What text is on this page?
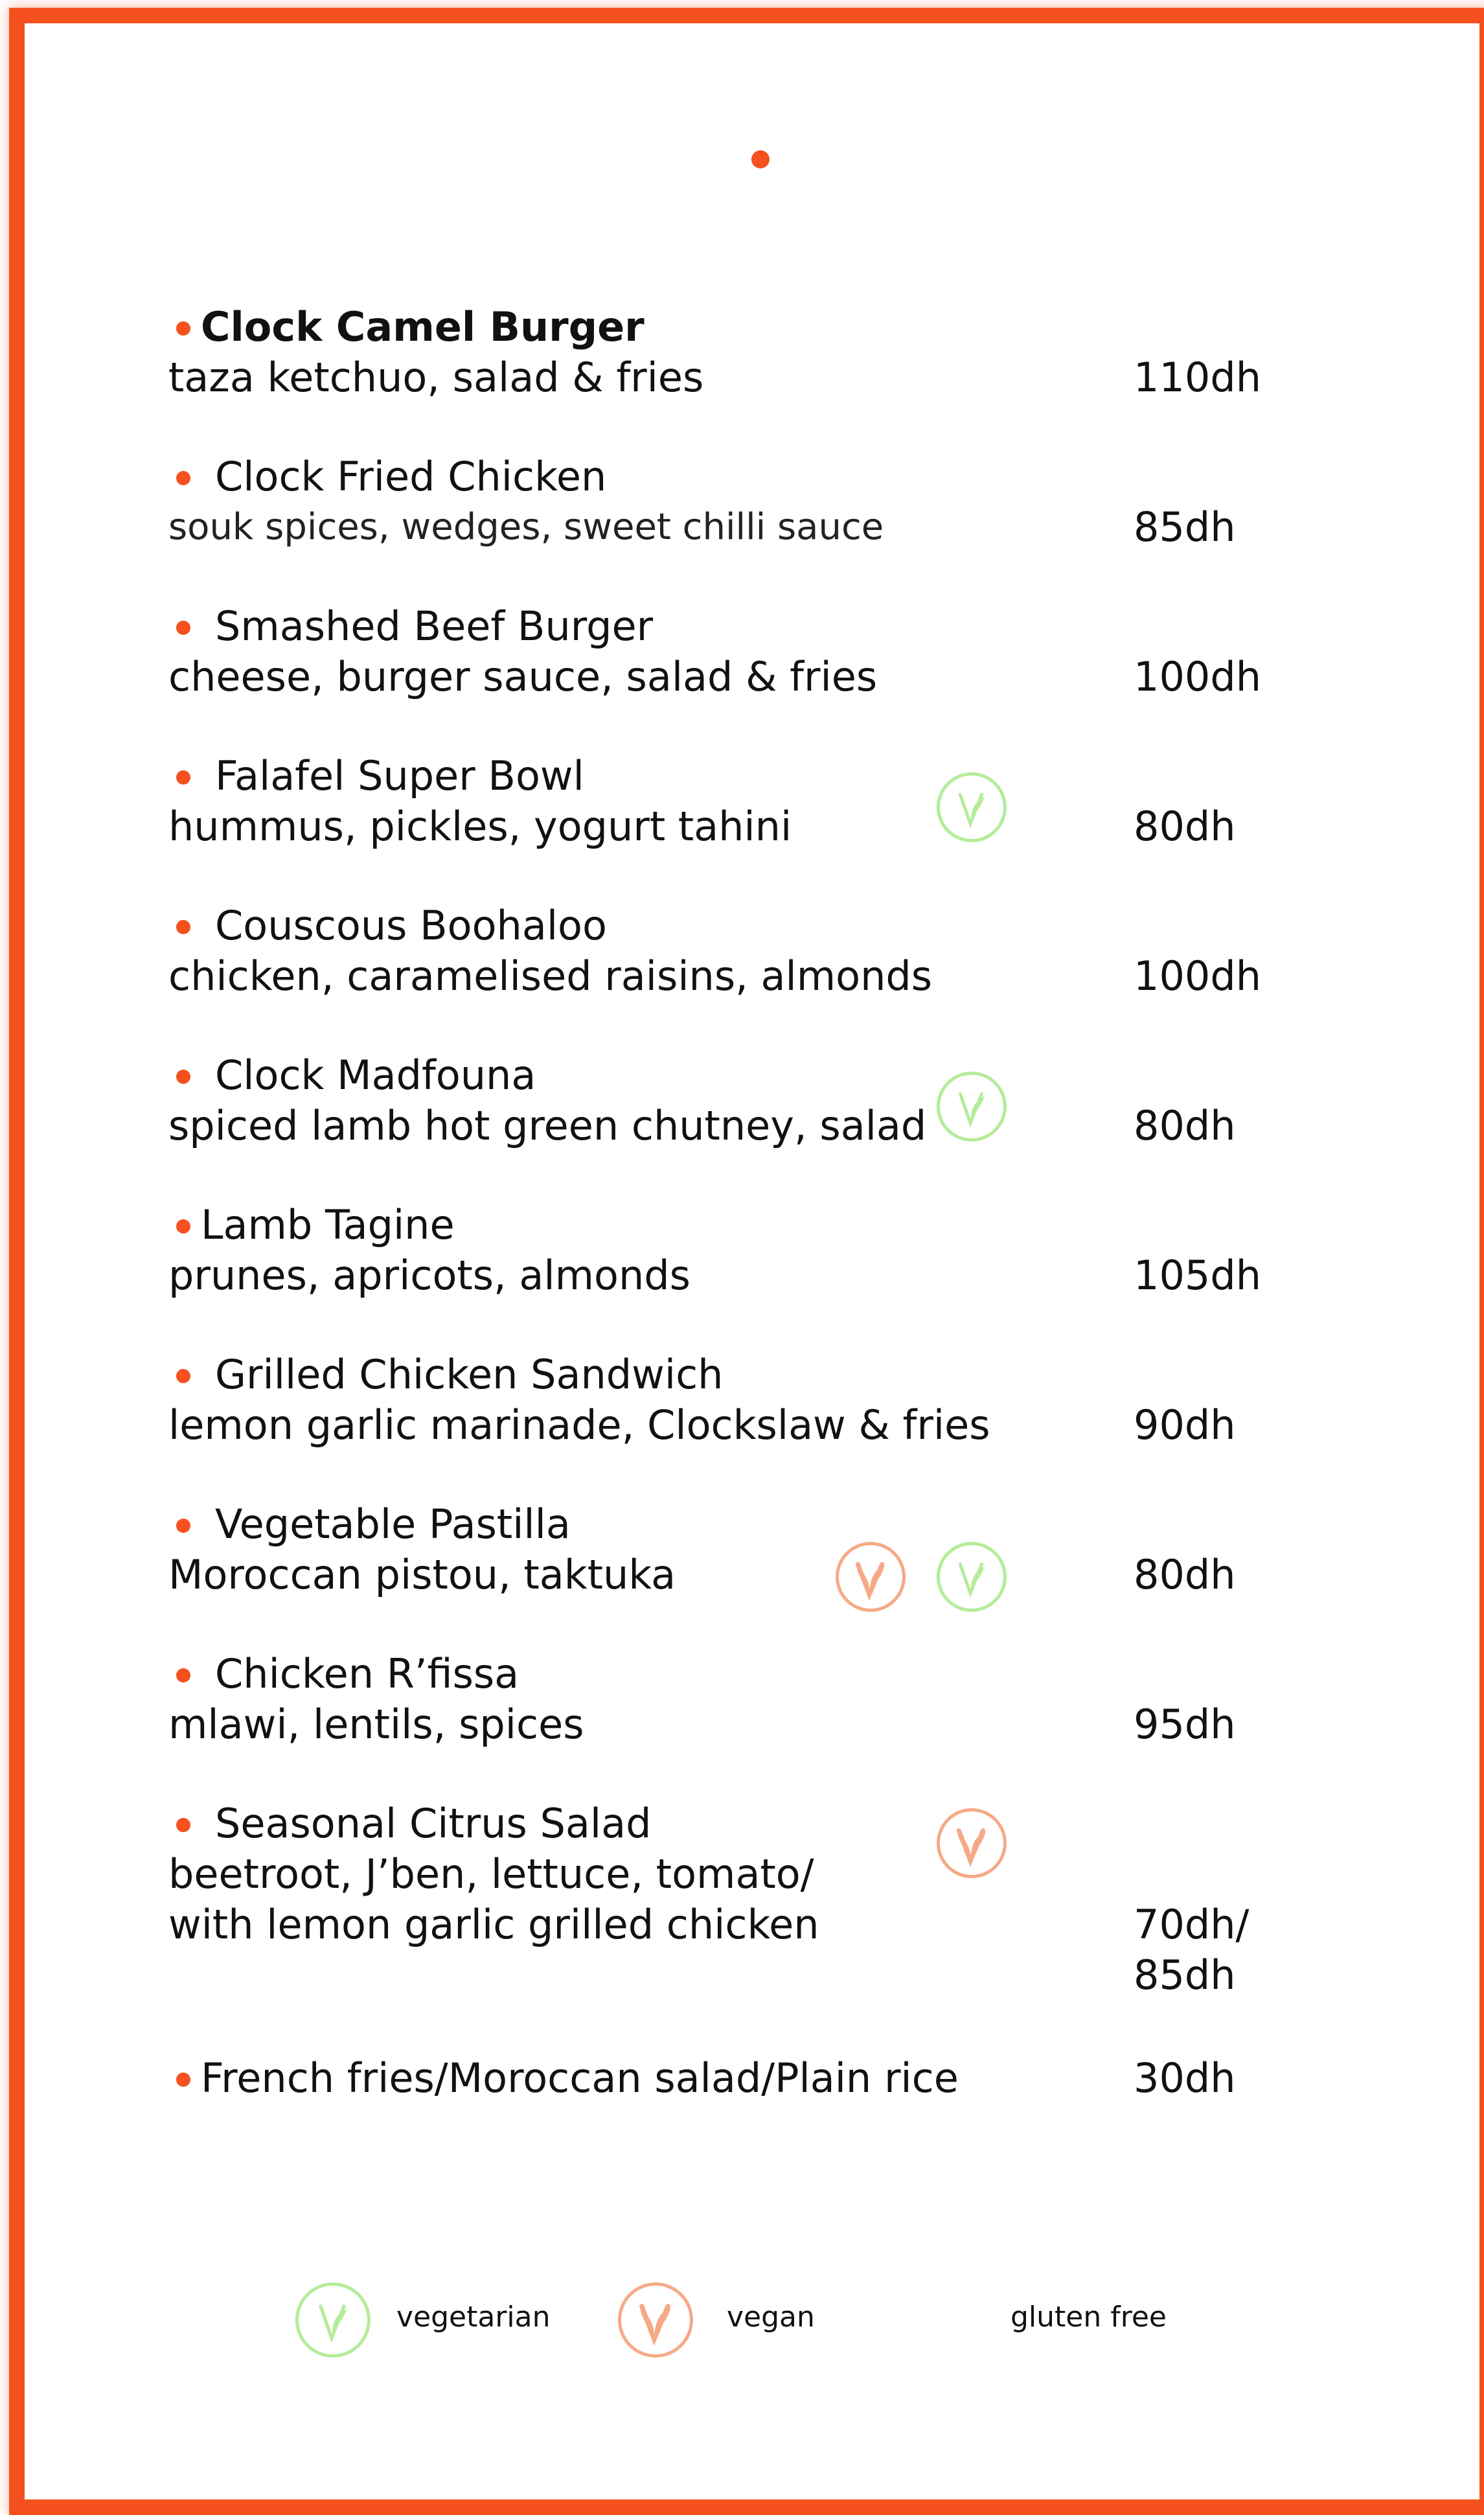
Clock Camel Burger
taza ketchuo, salad & fries	110dh
Clock Fried Chicken
souk spices, wedges, sweet chilli sauce	85dh
Smashed Beef Burger
cheese, burger sauce, salad & fries	100dh
Falafel Super Bowl
hummus, pickles, yogurt tahini	80dh
Couscous Boohaloo
chicken, caramelised raisins, almonds	100dh
Clock Madfouna
spiced lamb hot green chutney, salad	80dh
Lamb Tagine
prunes, apricots, almonds	105dh
Grilled Chicken Sandwich
lemon garlic marinade, Clockslaw & fries	90dh
Vegetable Pastilla
Moroccan pistou, taktuka	80dh
Chicken R’fissa
mlawi, lentils, spices	95dh
Seasonal Citrus Salad
beetroot, J’ben, lettuce, tomato/
with lemon garlic grilled chicken	70dh/
85dh
French fries/Moroccan salad/Plain rice	30dh
vegetarian	vegan	gluten free
